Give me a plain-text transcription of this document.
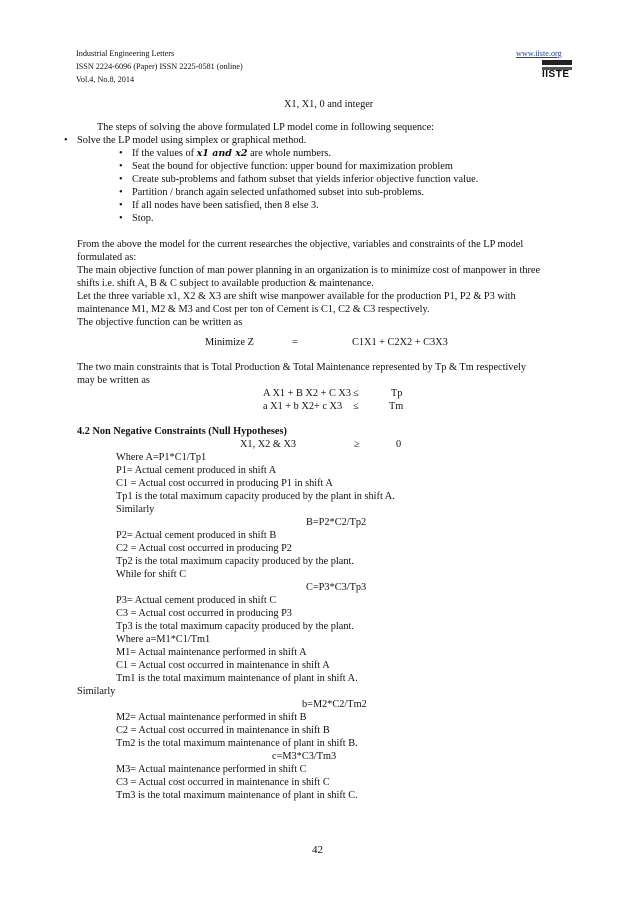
Industrial Engineering Letters
ISSN 2224-6096 (Paper) ISSN 2225-0581 (online)
Vol.4, No.8, 2014
www.iiste.org
IISTE
X1, X1, 0 and integer
The steps of solving the above formulated LP model come in following sequence:
• Solve the LP model using simplex or graphical method.
• If the values of x1 and x2 are whole numbers.
• Seat the bound for objective function: upper bound for maximization problem
• Create sub-problems and fathom subset that yields inferior objective function value.
• Partition / branch again selected unfathomed subset into sub-problems.
• If all nodes have been satisfied, then 8 else 3.
• Stop.
From the above the model for the current researches the objective, variables and constraints of the LP model
formulated as:
The main objective function of man power planning in an organization is to minimize cost of manpower in three
shifts i.e. shift A, B & C subject to available production & maintenance.
Let the three variable x1, X2 & X3 are shift wise manpower available for the production P1, P2 & P3 with
maintenance M1, M2 & M3 and Cost per ton of Cement is C1, C2 & C3 respectively.
The objective function can be written as
Minimize Z	=	C1X1 + C2X2 + C3X3
The two main constraints that is Total Production & Total Maintenance represented by Tp & Tm respectively
may be written as
A X1 + B X2 + C X3 ≤	Tp
a X1 + b X2+ c X3 ≤	Tm
4.2 Non Negative Constraints (Null Hypotheses)
X1, X2 & X3	≥	0
Where A=P1*C1/Tp1
P1= Actual cement produced in shift A
C1 = Actual cost occurred in producing P1 in shift A
Tp1 is the total maximum capacity produced by the plant in shift A.
Similarly
B=P2*C2/Tp2
P2= Actual cement produced in shift B
C2 = Actual cost occurred in producing P2
Tp2 is the total maximum capacity produced by the plant.
While for shift C
C=P3*C3/Tp3
P3= Actual cement produced in shift C
C3 = Actual cost occurred in producing P3
Tp3 is the total maximum capacity produced by the plant.
Where a=M1*C1/Tm1
M1= Actual maintenance performed in shift A
C1 = Actual cost occurred in maintenance in shift A
Tm1 is the total maximum maintenance of plant in shift A.
Similarly
b=M2*C2/Tm2
M2= Actual maintenance performed in shift B
C2 = Actual cost occurred in maintenance in shift B
Tm2 is the total maximum maintenance of plant in shift B.
c=M3*C3/Tm3
M3= Actual maintenance performed in shift C
C3 = Actual cost occurred in maintenance in shift C
Tm3 is the total maximum maintenance of plant in shift C.
42
